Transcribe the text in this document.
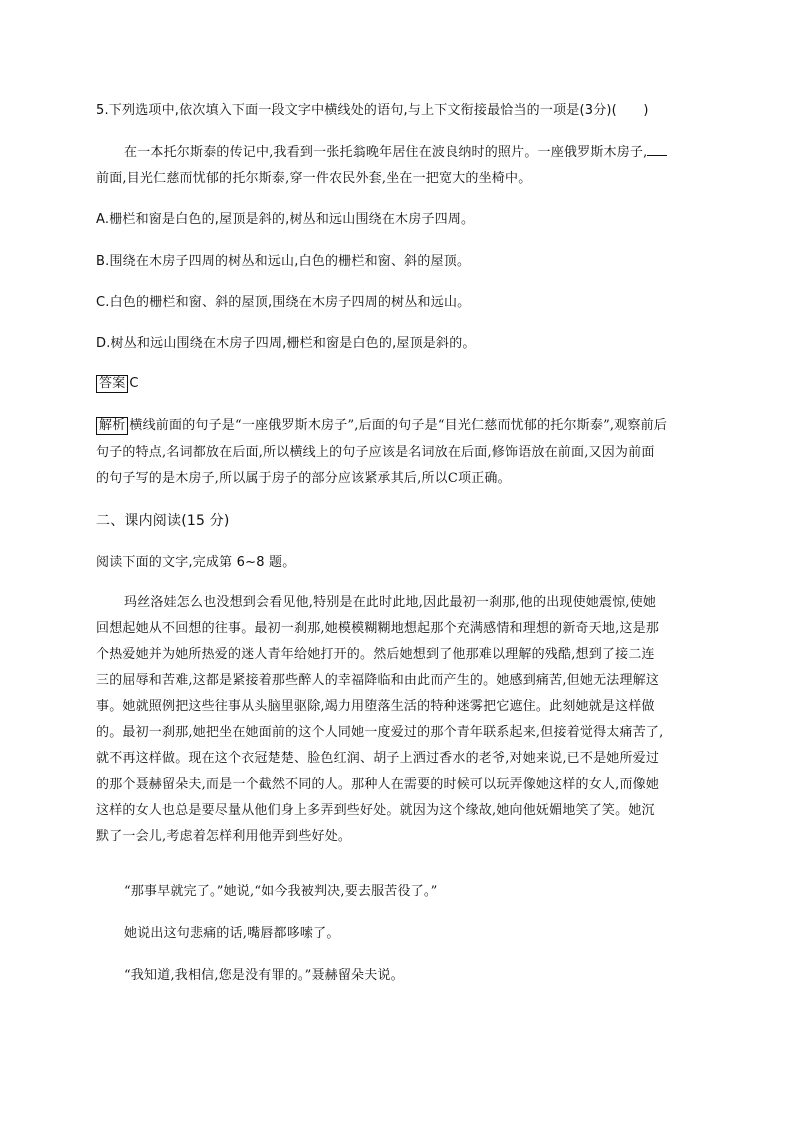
5.下列选项中,依次填入下面一段文字中横线处的语句,与上下文衔接最恰当的一项是(3分)(　　)
在一本托尔斯泰的传记中,我看到一张托翁晚年居住在波良纳时的照片。一座俄罗斯木房子,
前面,目光仁慈而忧郁的托尔斯泰,穿一件农民外套,坐在一把宽大的坐椅中。
A.栅栏和窗是白色的,屋顶是斜的,树丛和远山围绕在木房子四周。
B.围绕在木房子四周的树丛和远山,白色的栅栏和窗、斜的屋顶。
C.白色的栅栏和窗、斜的屋顶,围绕在木房子四周的树丛和远山。
D.树丛和远山围绕在木房子四周,栅栏和窗是白色的,屋顶是斜的。
答案 C
解析 横线前面的句子是“一座俄罗斯木房子”,后面的句子是“目光仁慈而忧郁的托尔斯泰”,观察前后
句子的特点,名词都放在后面,所以横线上的句子应该是名词放在后面,修饰语放在前面,又因为前面
的句子写的是木房子,所以属于房子的部分应该紧承其后,所以C项正确。
二、课内阅读(15 分)
阅读下面的文字,完成第 6~8 题。
玛丝洛娃怎么也没想到会看见他,特别是在此时此地,因此最初一刹那,他的出现使她震惊,使她
回想起她从不回想的往事。最初一刹那,她模模糊糊地想起那个充满感情和理想的新奇天地,这是那
个热爱她并为她所热爱的迷人青年给她打开的。然后她想到了他那难以理解的残酷,想到了接二连
三的屈辱和苦难,这都是紧接着那些醉人的幸福降临和由此而产生的。她感到痛苦,但她无法理解这
事。她就照例把这些往事从头脑里驱除,竭力用堕落生活的特种迷雾把它遮住。此刻她就是这样做
的。最初一刹那,她把坐在她面前的这个人同她一度爱过的那个青年联系起来,但接着觉得太痛苦了,
就不再这样做。现在这个衣冠楚楚、脸色红润、胡子上洒过香水的老爷,对她来说,已不是她所爱过
的那个聂赫留朵夫,而是一个截然不同的人。那种人在需要的时候可以玩弄像她这样的女人,而像她
这样的女人也总是要尽量从他们身上多弄到些好处。就因为这个缘故,她向他妩媚地笑了笑。她沉
默了一会儿,考虑着怎样利用他弄到些好处。
“那事早就完了。”她说,“如今我被判决,要去服苦役了。”
她说出这句悲痛的话,嘴唇都哆嗦了。
“我知道,我相信,您是没有罪的。”聂赫留朵夫说。
